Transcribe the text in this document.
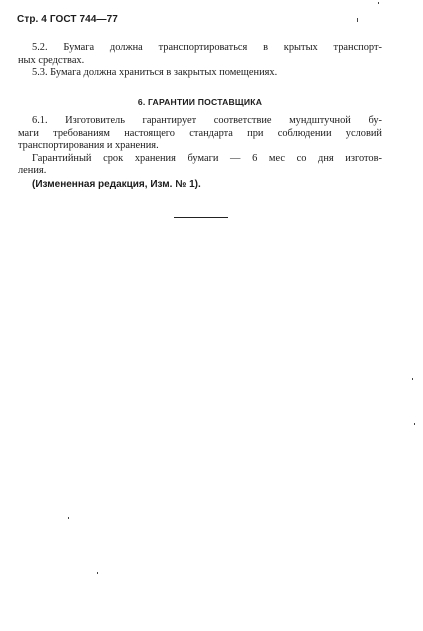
Стр. 4 ГОСТ 744—77

5.2. Бумага должна транспортироваться в крытых транспорт-

ных средствах.

5.3. Бумага должна храниться в закрытых помещениях.

6. ГАРАНТИИ ПОСТАВЩИКА

6.1. Изготовитель гарантирует соответствие мундштучной бу-

маги требованиям настоящего стандарта при соблюдении условий

транспортирования и хранения.

Гарантийный срок хранения бумаги — 6 мес со дня изготов-

ления.

(Измененная редакция, Изм. № 1).
